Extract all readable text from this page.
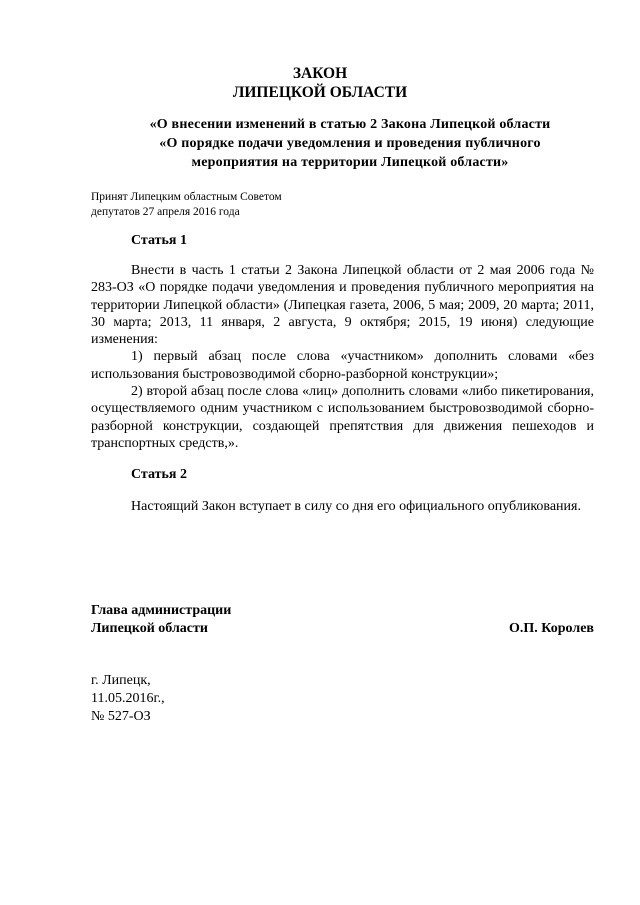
ЗАКОН
ЛИПЕЦКОЙ ОБЛАСТИ
«О внесении изменений в статью 2 Закона Липецкой области
«О порядке подачи уведомления и проведения публичного
мероприятия на территории Липецкой области»
Принят Липецким областным Советом
депутатов 27 апреля 2016 года
Статья 1

Внести в часть 1 статьи 2 Закона Липецкой области от 2 мая 2006 года № 283-ОЗ «О порядке подачи уведомления и проведения публичного мероприятия на территории Липецкой области» (Липецкая газета, 2006, 5 мая; 2009, 20 марта; 2011, 30 марта; 2013, 11 января, 2 августа, 9 октября; 2015, 19 июня) следующие изменения:

1) первый абзац после слова «участником» дополнить словами «без использования быстровозводимой сборно-разборной конструкции»;

2) второй абзац после слова «лиц» дополнить словами «либо пикетирования, осуществляемого одним участником с использованием быстровозводимой сборно-разборной конструкции, создающей препятствия для движения пешеходов и транспортных средств,».

Статья 2

Настоящий Закон вступает в силу со дня его официального опубликования.

Глава администрации
Липецкой области	О.П. Королев
г. Липецк,
11.05.2016г.,
№ 527-ОЗ
